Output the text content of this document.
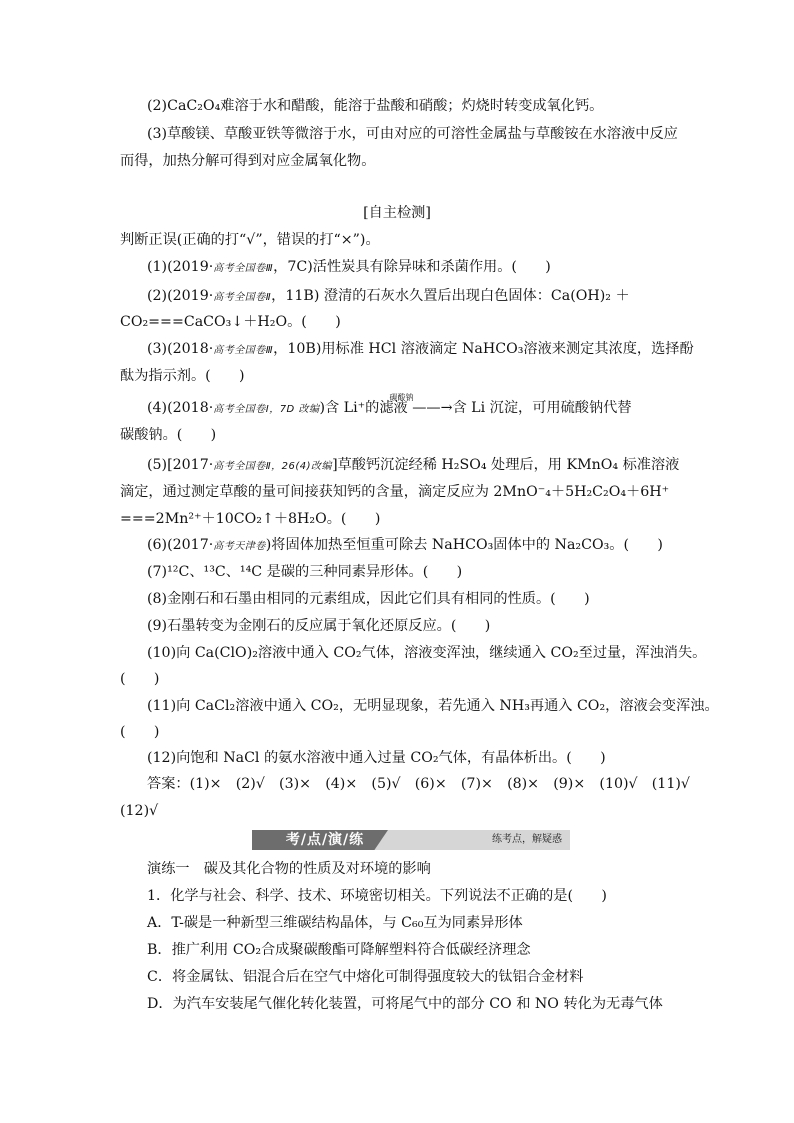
(2)CaC₂O₄难溶于水和醋酸，能溶于盐酸和硝酸；灼烧时转变成氧化钙。
(3)草酸镁、草酸亚铁等微溶于水，可由对应的可溶性金属盐与草酸铵在水溶液中反应
而得，加热分解可得到对应金属氧化物。
[自主检测]
判断正误(正确的打“√”，错误的打“×”)。
(1)(2019·高考全国卷Ⅲ，7C)活性炭具有除异味和杀菌作用。(　　)
(2)(2019·高考全国卷Ⅱ，11B) 澄清的石灰水久置后出现白色固体：Ca(OH)₂ ＋
CO₂===CaCO₃↓＋H₂O。(　　)
(3)(2018·高考全国卷Ⅲ，10B)用标准 HCl 溶液滴定 NaHCO₃溶液来测定其浓度，选择酚
酞为指示剂。(　　)
(4)(2018·高考全国卷Ⅰ，7D 改编)含 Li⁺的滤液 ——→含 Li 沉淀，可用硫酸钠代替
碳酸钠
碳酸钠。(　　)
(5)[2017·高考全国卷Ⅱ，26(4)改编]草酸钙沉淀经稀 H₂SO₄ 处理后，用 KMnO₄ 标准溶液
滴定，通过测定草酸的量可间接获知钙的含量，滴定反应为 2MnO⁻₄＋5H₂C₂O₄＋6H⁺
===2Mn²⁺＋10CO₂↑＋8H₂O。(　　)
(6)(2017·高考天津卷)将固体加热至恒重可除去 NaHCO₃固体中的 Na₂CO₃。(　　)
(7)¹²C、¹³C、¹⁴C 是碳的三种同素异形体。(　　)
(8)金刚石和石墨由相同的元素组成，因此它们具有相同的性质。(　　)
(9)石墨转变为金刚石的反应属于氧化还原反应。(　　)
(10)向 Ca(ClO)₂溶液中通入 CO₂气体，溶液变浑浊，继续通入 CO₂至过量，浑浊消失。
(　　)
(11)向 CaCl₂溶液中通入 CO₂，无明显现象，若先通入 NH₃再通入 CO₂，溶液会变浑浊。
(　　)
(12)向饱和 NaCl 的氨水溶液中通入过量 CO₂气体，有晶体析出。(　　)
答案：(1)×　(2)√　(3)×　(4)×　(5)√　(6)×　(7)×　(8)×　(9)×　(10)√　(11)√
(12)√
考/点/演/练	练考点，解疑惑
演练一　碳及其化合物的性质及对环境的影响
1．化学与社会、科学、技术、环境密切相关。下列说法不正确的是(　　)
A．T-碳是一种新型三维碳结构晶体，与 C₆₀互为同素异形体
B．推广利用 CO₂合成聚碳酸酯可降解塑料符合低碳经济理念
C．将金属钛、铝混合后在空气中熔化可制得强度较大的钛铝合金材料
D．为汽车安装尾气催化转化装置，可将尾气中的部分 CO 和 NO 转化为无毒气体
